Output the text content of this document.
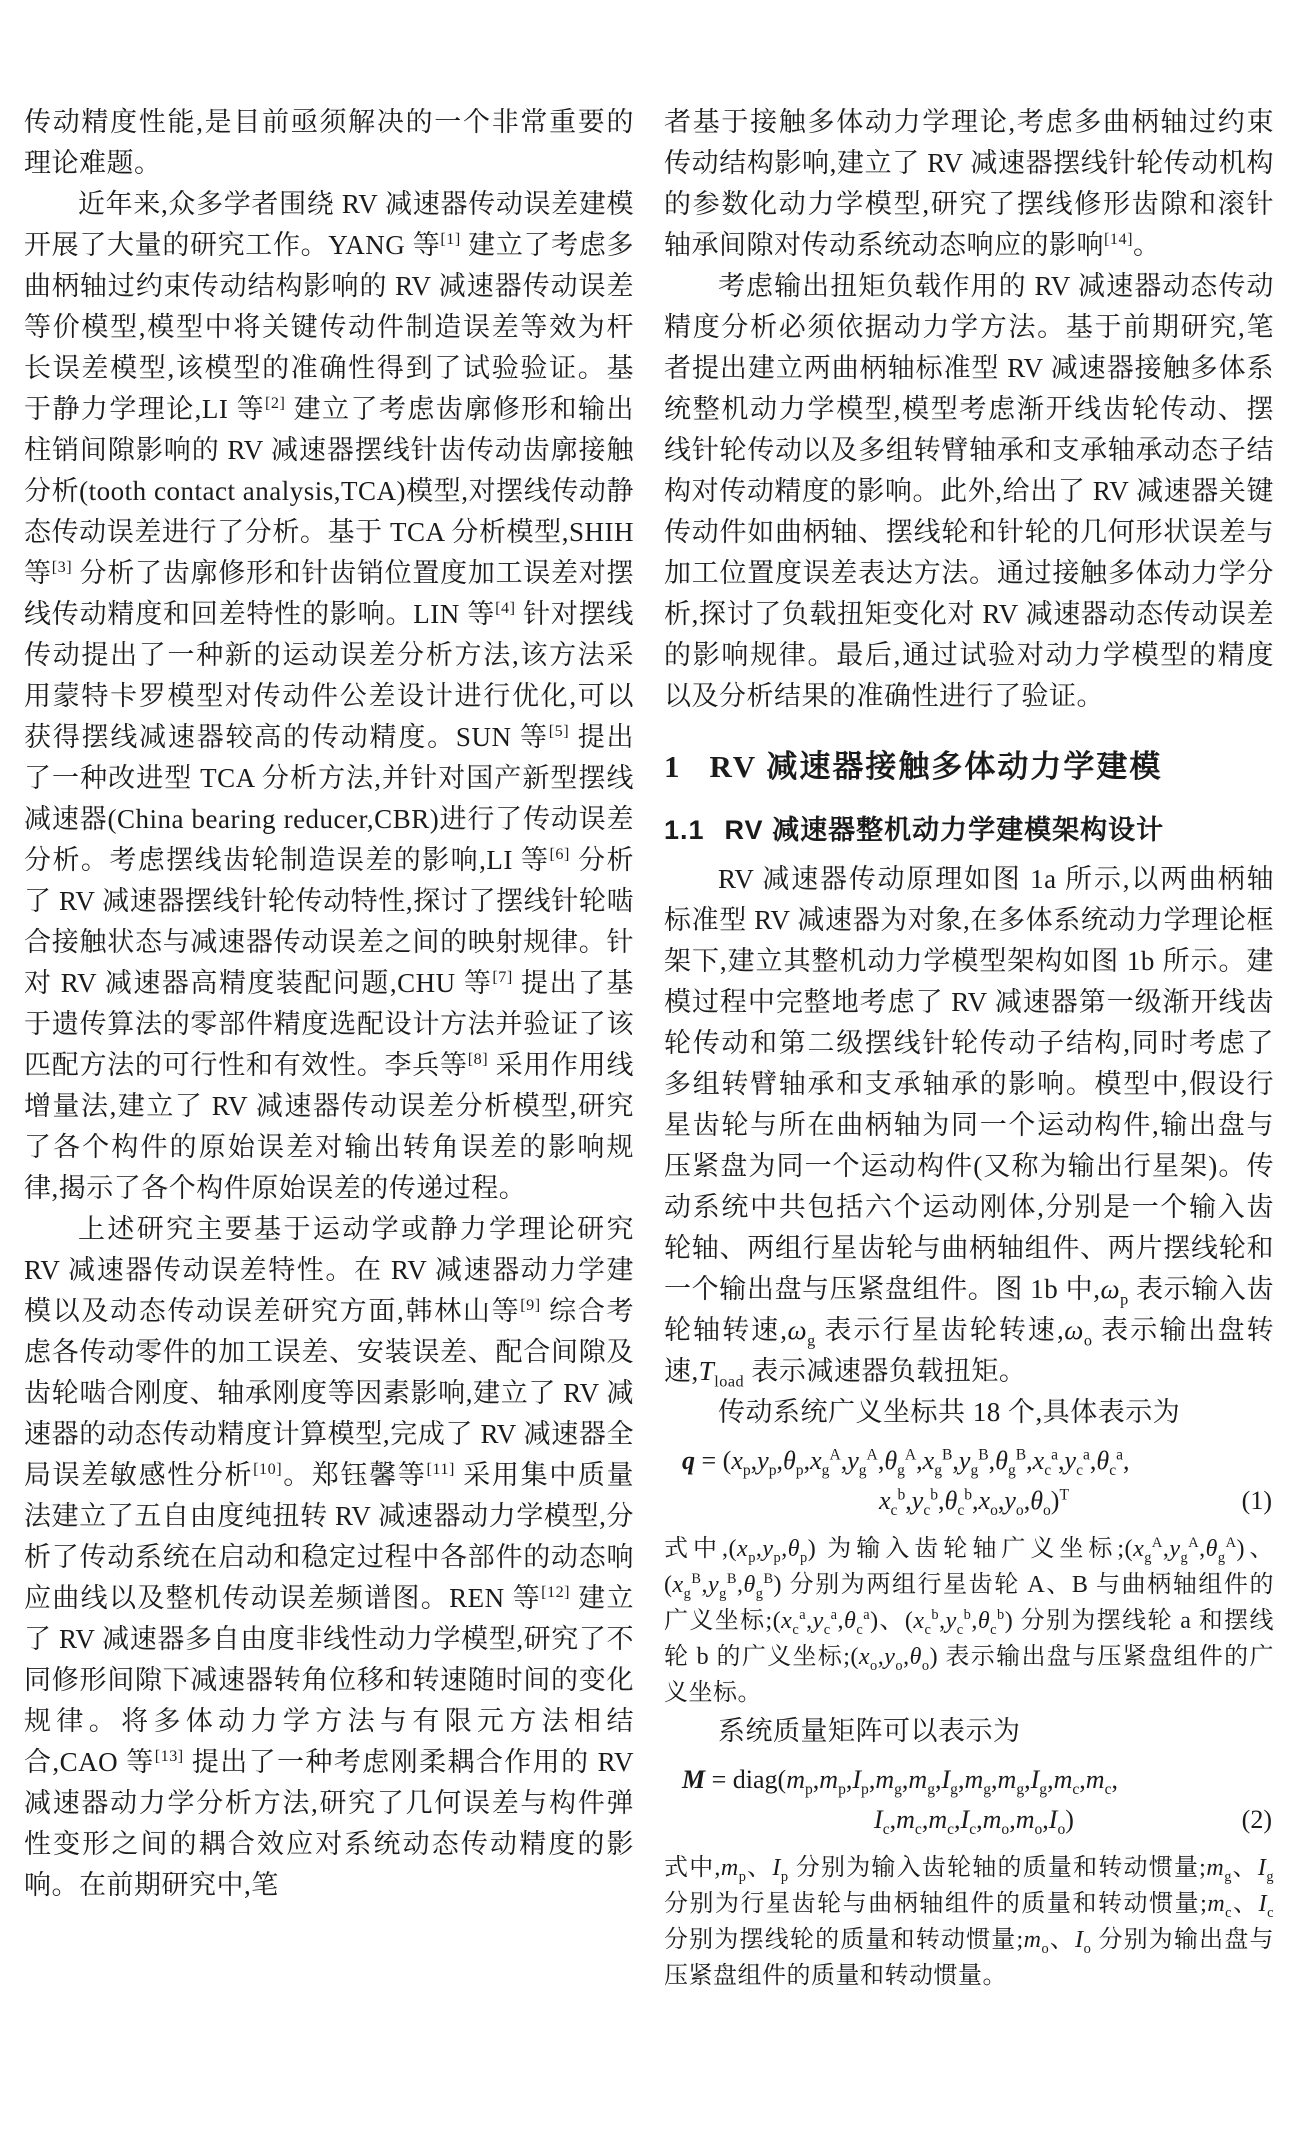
传动精度性能,是目前亟须解决的一个非常重要的理论难题。

近年来,众多学者围绕 RV 减速器传动误差建模开展了大量的研究工作。YANG 等[1] 建立了考虑多曲柄轴过约束传动结构影响的 RV 减速器传动误差等价模型,模型中将关键传动件制造误差等效为杆长误差模型,该模型的准确性得到了试验验证。基于静力学理论,LI 等[2] 建立了考虑齿廓修形和输出柱销间隙影响的 RV 减速器摆线针齿传动齿廓接触分析(tooth contact analysis,TCA)模型,对摆线传动静态传动误差进行了分析。基于 TCA 分析模型,SHIH 等[3] 分析了齿廓修形和针齿销位置度加工误差对摆线传动精度和回差特性的影响。LIN 等[4] 针对摆线传动提出了一种新的运动误差分析方法,该方法采用蒙特卡罗模型对传动件公差设计进行优化,可以获得摆线减速器较高的传动精度。SUN 等[5] 提出了一种改进型 TCA 分析方法,并针对国产新型摆线减速器(China bearing reducer,CBR)进行了传动误差分析。考虑摆线齿轮制造误差的影响,LI 等[6] 分析了 RV 减速器摆线针轮传动特性,探讨了摆线针轮啮合接触状态与减速器传动误差之间的映射规律。针对 RV 减速器高精度装配问题,CHU 等[7] 提出了基于遗传算法的零部件精度选配设计方法并验证了该匹配方法的可行性和有效性。李兵等[8] 采用作用线增量法,建立了 RV 减速器传动误差分析模型,研究了各个构件的原始误差对输出转角误差的影响规律,揭示了各个构件原始误差的传递过程。

上述研究主要基于运动学或静力学理论研究 RV 减速器传动误差特性。在 RV 减速器动力学建模以及动态传动误差研究方面,韩林山等[9] 综合考虑各传动零件的加工误差、安装误差、配合间隙及齿轮啮合刚度、轴承刚度等因素影响,建立了 RV 减速器的动态传动精度计算模型,完成了 RV 减速器全局误差敏感性分析[10]。郑钰馨等[11] 采用集中质量法建立了五自由度纯扭转 RV 减速器动力学模型,分析了传动系统在启动和稳定过程中各部件的动态响应曲线以及整机传动误差频谱图。REN 等[12] 建立了 RV 减速器多自由度非线性动力学模型,研究了不同修形间隙下减速器转角位移和转速随时间的变化规律。将多体动力学方法与有限元方法相结合,CAO 等[13] 提出了一种考虑刚柔耦合作用的 RV 减速器动力学分析方法,研究了几何误差与构件弹性变形之间的耦合效应对系统动态传动精度的影响。在前期研究中,笔

者基于接触多体动力学理论,考虑多曲柄轴过约束传动结构影响,建立了 RV 减速器摆线针轮传动机构的参数化动力学模型,研究了摆线修形齿隙和滚针轴承间隙对传动系统动态响应的影响[14]。

考虑输出扭矩负载作用的 RV 减速器动态传动精度分析必须依据动力学方法。基于前期研究,笔者提出建立两曲柄轴标准型 RV 减速器接触多体系统整机动力学模型,模型考虑渐开线齿轮传动、摆线针轮传动以及多组转臂轴承和支承轴承动态子结构对传动精度的影响。此外,给出了 RV 减速器关键传动件如曲柄轴、摆线轮和针轮的几何形状误差与加工位置度误差表达方法。通过接触多体动力学分析,探讨了负载扭矩变化对 RV 减速器动态传动误差的影响规律。最后,通过试验对动力学模型的精度以及分析结果的准确性进行了验证。

1 RV 减速器接触多体动力学建模
1.1 RV 减速器整机动力学建模架构设计

RV 减速器传动原理如图 1a 所示,以两曲柄轴标准型 RV 减速器为对象,在多体系统动力学理论框架下,建立其整机动力学模型架构如图 1b 所示。建模过程中完整地考虑了 RV 减速器第一级渐开线齿轮传动和第二级摆线针轮传动子结构,同时考虑了多组转臂轴承和支承轴承的影响。模型中,假设行星齿轮与所在曲柄轴为同一个运动构件,输出盘与压紧盘为同一个运动构件(又称为输出行星架)。传动系统中共包括六个运动刚体,分别是一个输入齿轮轴、两组行星齿轮与曲柄轴组件、两片摆线轮和一个输出盘与压紧盘组件。图 1b 中$,\omega_p$ 表示输入齿轮轴转速$,\omega_g$ 表示行星齿轮转速$,\omega_o$ 表示输出盘转速$,T_{load}$ 表示减速器负载扭矩。

传动系统广义坐标共 18 个,具体表示为

$q = (x_p,y_p,\theta_p,x_g^A,y_g^A,\theta_g^A,x_g^B,y_g^B,\theta_g^B,x_c^a,y_c^a,\theta_c^a$,
$x_c^b,y_c^b,\theta_c^b,x_o,y_o,\theta_o)^T$	(1)

式中$,(x_p,y_p,\theta_p)$ 为输入齿轮轴广义坐标$;(x_g^A,y_g^A,\theta_g^A)$、$(x_g^B,y_g^B,\theta_g^B)$ 分别为两组行星齿轮 A、B 与曲柄轴组件的广义坐标$;(x_c^a,y_c^a,\theta_c^a)$、$(x_c^b,y_c^b,\theta_c^b)$ 分别为摆线轮 a 和摆线轮 b 的广义坐标$;(x_o,y_o,\theta_o)$ 表示输出盘与压紧盘组件的广义坐标。

系统质量矩阵可以表示为

$M = diag(m_p,m_p,I_p,m_g,m_g,I_g,m_g,m_g,I_g,m_c,m_c$,
$I_c,m_c,m_c,I_c,m_o,m_o,I_o$)	(2)

式中$,m_p$、$I_p$ 分别为输入齿轮轴的质量和转动惯量$;m_g$、$I_g$ 分别为行星齿轮与曲柄轴组件的质量和转动惯量$;m_c$、$I_c$ 分别为摆线轮的质量和转动惯量$;m_o$、$I_o$ 分别为输出盘与压紧盘组件的质量和转动惯量。
